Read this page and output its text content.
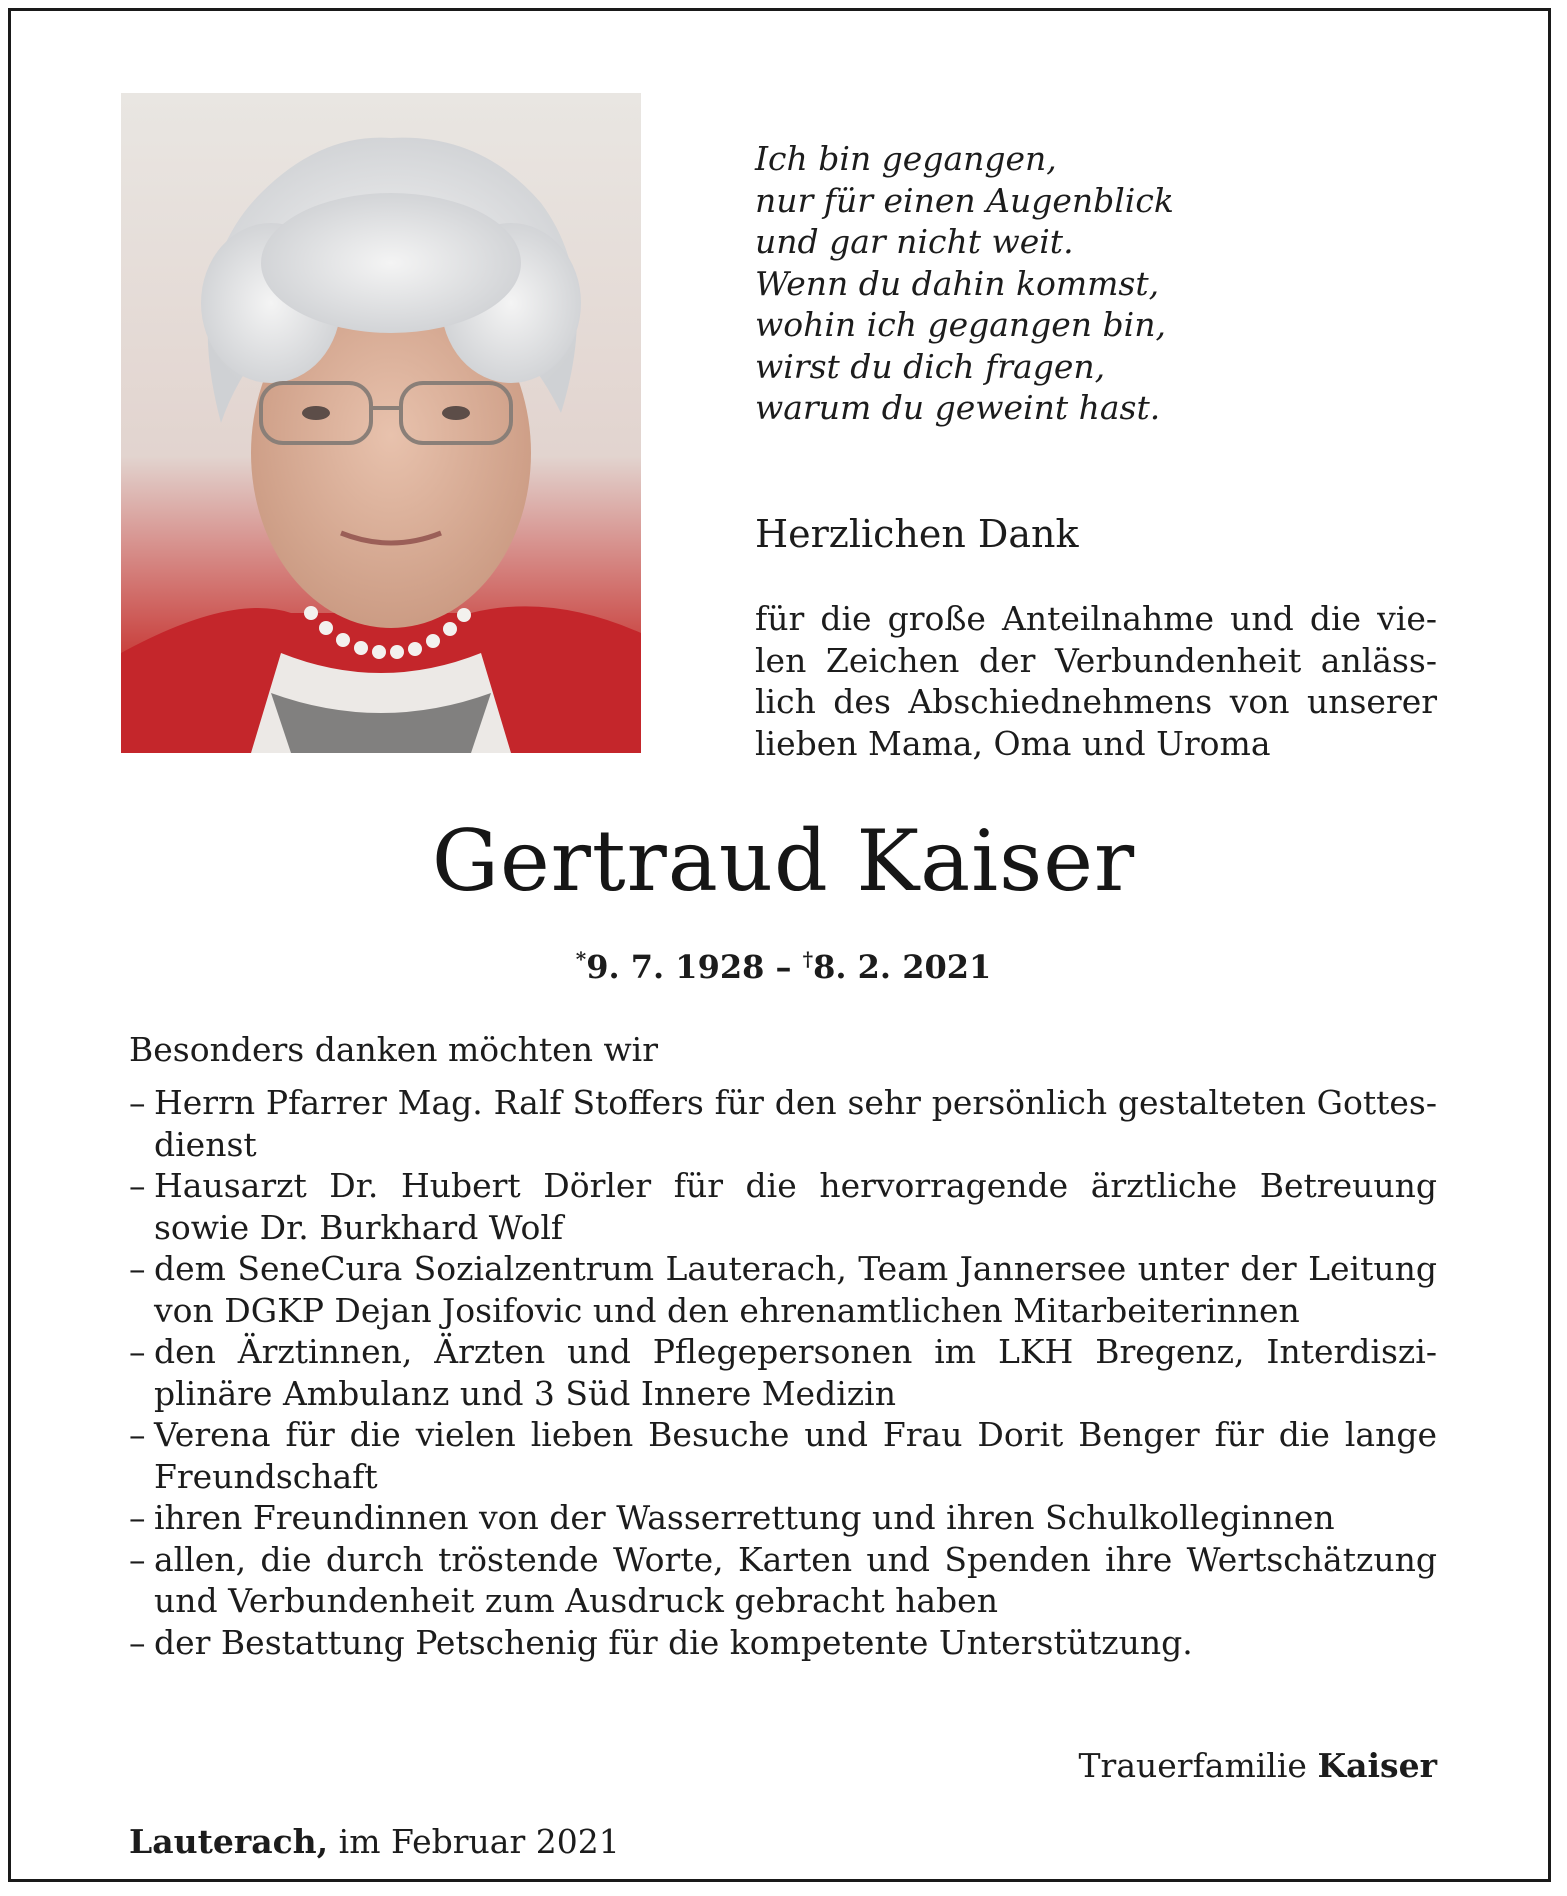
Ich bin gegangen,
nur für einen Augenblick
und gar nicht weit.
Wenn du dahin kommst,
wohin ich gegangen bin,
wirst du dich fragen,
warum du geweint hast.

Herzlichen Dank

für die große Anteilnahme und die vie-
len Zeichen der Verbundenheit anläss-
lich des Abschiednehmens von unserer
lieben Mama, Oma und Uroma

Gertraud Kaiser
*9. 7. 1928 – †8. 2. 2021

Besonders danken möchten wir

– Herrn Pfarrer Mag. Ralf Stoffers für den sehr persönlich gestalteten Gottes-
dienst
– Hausarzt Dr. Hubert Dörler für die hervorragende ärztliche Betreuung
sowie Dr. Burkhard Wolf
– dem SeneCura Sozialzentrum Lauterach, Team Jannersee unter der Leitung
von DGKP Dejan Josifovic und den ehrenamtlichen Mitarbeiterinnen
– den Ärztinnen, Ärzten und Pflegepersonen im LKH Bregenz, Interdiszi-
plinäre Ambulanz und 3 Süd Innere Medizin
– Verena für die vielen lieben Besuche und Frau Dorit Benger für die lange
Freundschaft
– ihren Freundinnen von der Wasserrettung und ihren Schulkolleginnen
– allen, die durch tröstende Worte, Karten und Spenden ihre Wertschätzung
und Verbundenheit zum Ausdruck gebracht haben
– der Bestattung Petschenig für die kompetente Unterstützung.
Trauerfamilie Kaiser
Lauterach, im Februar 2021
